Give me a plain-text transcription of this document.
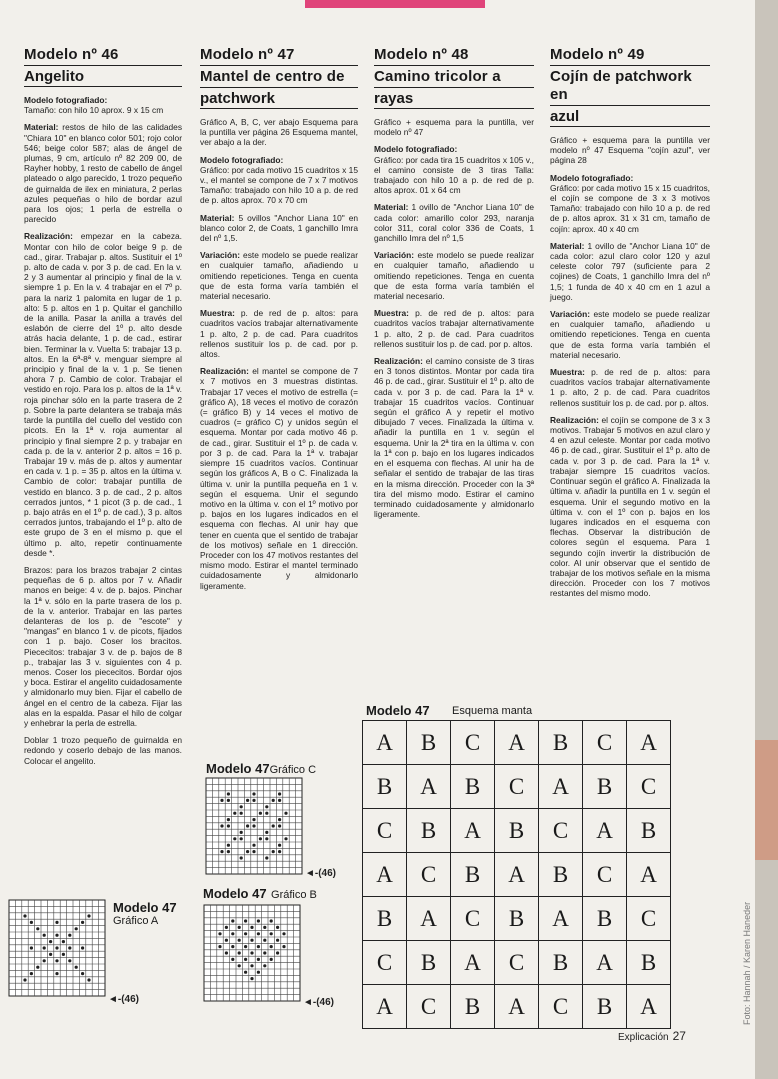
Foto: Hannah / Karen Haneder
Modelo nº 46
Angelito
Modelo fotografiado:
Tamaño: con hilo 10 aprox. 9 x 15 cm
Material: restos de hilo de las calidades "Chiara 10" en blanco color 501; rojo color 546; beige color 587; alas de ángel de plumas, 9 cm, artículo nº 82 209 00, de Rayher hobby, 1 resto de cabello de ángel plateado o algo parecido, 1 trozo pequeño de guirnalda de ilex en miniatura, 2 perlas azules pequeñas o hilo de bordar azul para los ojos; 1 perla de estrella o parecido
Realización: empezar en la cabeza. Montar con hilo de color beige 9 p. de cad., girar. Trabajar p. altos. Sustituir el 1º p. alto de cada v. por 3 p. de cad. En la v. 2 y 3 aumentar al principio y final de la v. siempre 1 p. En la v. 4 trabajar en el 7º p. para la nariz 1 palomita en lugar de 1 p. alto: 5 p. altos en 1 p. Quitar el ganchillo de la anilla. Pasar la anilla a través del eslabón de cierre del 1º p. alto desde atrás hacia delante, 1 p. de cad., estirar bien. Terminar la v. Vuelta 5: trabajar 13 p. altos. En la 6ª-8ª v. menguar siempre al principio y final de la v. 1 p. Se tienen ahora 7 p. Cambio de color. Trabajar el vestido en rojo. Para los p. altos de la 1ª v. roja pinchar sólo en la parte trasera de 2 p. Sobre la parte delantera se trabaja más tarde la puntilla del cuello del vestido con picots. En la 1ª v. roja aumentar al principio y final siempre 2 p. y trabajar en cada p. de la v. anterior 2 p. altos = 16 p. Trabajar 19 v. más de p. altos y aumentar en cada v. 1 p. = 35 p. altos en la última v. Cambio de color: trabajar puntilla de vestido en blanco. 3 p. de cad., 2 p. altos cerrados juntos, * 1 picot (3 p. de cad., 1 p. bajo atrás en el 1º p. de cad.), 3 p. altos cerrados juntos, trabajando el 1º p. alto de este grupo de 3 en el mismo p. que el último p. alto, repetir continuamente desde *.
Brazos: para los brazos trabajar 2 cintas pequeñas de 6 p. altos por 7 v. Añadir manos en beige: 4 v. de p. bajos. Pinchar la 1ª v. sólo en la parte trasera de los p. de la v. anterior. Trabajar en las partes delanteras de los p. de "escote" y "mangas" en blanco 1 v. de picots, fijados con 1 p. bajo. Coser los bracitos. Piececitos: trabajar 3 v. de p. bajos de 8 p., trabajar las 3 v. siguientes con 4 p. menos. Coser los piececitos. Bordar ojos y boca. Estirar el angelito cuidadosamente y almidonarlo muy bien. Fijar el cabello de ángel en el centro de la cabeza. Fijar las alas en la espalda. Pasar el hilo de colgar y enhebrar la perla de estrella.
Doblar 1 trozo pequeño de guirnalda en redondo y coserlo debajo de las manos. Colocar el angelito.
Modelo nº 47
Mantel de centro de
patchwork
Gráfico A, B, C, ver abajo Esquema para la puntilla ver página 26 Esquema mantel, ver abajo a la der.
Modelo fotografiado:
Gráfico: por cada motivo 15 cuadritos x 15 v., el mantel se compone de 7 x 7 motivos Tamaño: trabajado con hilo 10 a p. de red de p. altos aprox. 70 x 70 cm
Material: 5 ovillos "Anchor Liana 10" en blanco color 2, de Coats, 1 ganchillo Imra del nº 1,5.
Variación: este modelo se puede realizar en cualquier tamaño, añadiendo u omitiendo repeticiones. Tenga en cuenta que de esta forma varía también el material necesario.
Muestra: p. de red de p. altos: para cuadritos vacíos trabajar alternativamente 1 p. alto, 2 p. de cad. Para cuadritos rellenos sustituir los p. de cad. por p. altos.
Realización: el mantel se compone de 7 x 7 motivos en 3 muestras distintas. Trabajar 17 veces el motivo de estrella (= gráfico A), 18 veces el motivo de corazón (= gráfico B) y 14 veces el motivo de cuadros (= gráfico C) y unidos según el esquema. Montar por cada motivo 46 p. de cad., girar. Sustituir el 1º p. de cada v. por 3 p. de cad. Para la 1ª v. trabajar siempre 15 cuadritos vacíos. Continuar según los gráficos A, B o C. Finalizada la última v. unir la puntilla pequeña en 1 v. según el esquema. Unir el segundo motivo en la última v. con el 1º motivo por p. bajos en los lugares indicados en el esquema con flechas. Al unir hay que tener en cuenta que el sentido de trabajar de los motivos) señale en 1 dirección. Proceder con los 47 motivos restantes del mismo modo. Estirar el mantel terminado cuidadosamente y almidonarlo ligeramente.
Modelo nº 48
Camino tricolor a
rayas
Gráfico + esquema para la puntilla, ver modelo nº 47
Modelo fotografiado:
Gráfico: por cada tira 15 cuadritos x 105 v., el camino consiste de 3 tiras Talla: trabajado con hilo 10 a p. de red de p. altos aprox. 01 x 64 cm
Material: 1 ovillo de "Anchor Liana 10" de cada color: amarillo color 293, naranja color 311, coral color 336 de Coats, 1 ganchillo Imra del nº 1,5
Variación: este modelo se puede realizar en cualquier tamaño, añadiendo u omitiendo repeticiones. Tenga en cuenta que de esta forma varía también el material necesario.
Muestra: p. de red de p. altos: para cuadritos vacíos trabajar alternativamente 1 p. alto, 2 p. de cad. Para cuadritos rellenos sustituir los p. de cad. por p. altos.
Realización: el camino consiste de 3 tiras en 3 tonos distintos. Montar por cada tira 46 p. de cad., girar. Sustituir el 1º p. alto de cada v. por 3 p. de cad. Para la 1ª v. trabajar 15 cuadritos vacíos. Continuar según el gráfico A y repetir el motivo dibujado 7 veces. Finalizada la última v. añadir la puntilla en 1 v. según el esquema. Unir la 2ª tira en la última v. con la 1ª con p. bajo en los lugares indicados en el esquema con flechas. Al unir ha de señalar el sentido de trabajar de las tiras en la misma dirección. Proceder con la 3ª tira del mismo modo. Estirar el camino terminado cuidadosamente y almidonarlo ligeramente.
Modelo nº 49
Cojín de patchwork en
azul
Gráfico + esquema para la puntilla ver modelo nº 47 Esquema "cojín azul", ver página 28
Modelo fotografiado:
Gráfico: por cada motivo 15 x 15 cuadritos, el cojín se compone de 3 x 3 motivos Tamaño: trabajado con hilo 10 a p. de red de p. altos aprox. 31 x 31 cm, tamaño de cojín: aprox. 40 x 40 cm
Material: 1 ovillo de "Anchor Liana 10" de cada color: azul claro color 120 y azul celeste color 797 (suficiente para 2 cojines) de Coats, 1 ganchillo Imra del nº 1,5; 1 funda de 40 x 40 cm en 1 azul a juego.
Variación: este modelo se puede realizar en cualquier tamaño, añadiendo u omitiendo repeticiones. Tenga en cuenta que de esta forma varía también el material necesario.
Muestra: p. de red de p. altos: para cuadritos vacíos trabajar alternativamente 1 p. alto, 2 p. de cad. Para cuadritos rellenos sustituir los p. de cad. por p. altos.
Realización: el cojín se compone de 3 x 3 motivos. Trabajar 5 motivos en azul claro y 4 en azul celeste. Montar por cada motivo 46 p. de cad., girar. Sustituir el 1º p. alto de cada v. por 3 p. de cad. Para la 1ª v. trabajar siempre 15 cuadritos vacíos. Continuar según el gráfico A. Finalizada la última v. añadir la puntilla en 1 v. según el esquema. Unir el segundo motivo en la última v. con el 1º con p. bajos en los lugares indicados en el esquema con flechas. Observar la distribución de colores según el esquema. Para 1 segundo cojín invertir la distribución de color. Al unir observar que el sentido de trabajar de los motivos señale en la misma dirección. Proceder con los 7 motivos restantes del mismo modo.
Modelo 47Gráfico C
◄-(46)
Modelo 47 Gráfico B
◄-(46)
Modelo 47
Gráfico A
◄-(46)
Modelo 47 Esquema manta
A	B	C	A	B	C	A
B	A	B	C	A	B	C
C	B	A	B	C	A	B
A	C	B	A	B	C	A
B	A	C	B	A	B	C
C	B	A	C	B	A	B
A	C	B	A	C	B	A
Explicación 27
